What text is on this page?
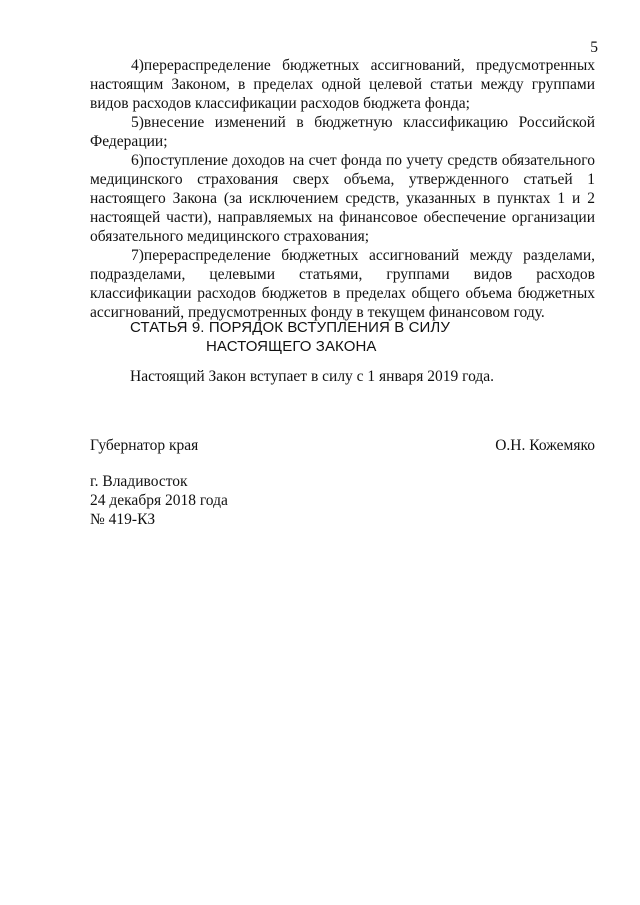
5

4)перераспределение бюджетных ассигнований, предусмотренных настоящим Законом, в пределах одной целевой статьи между группами видов расходов классификации расходов бюджета фонда;

5)внесение изменений в бюджетную классификацию Российской Федерации;

6)поступление доходов на счет фонда по учету средств обязательного медицинского страхования сверх объема, утвержденного статьей 1 настоящего Закона (за исключением средств, указанных в пунктах 1 и 2 настоящей части), направляемых на финансовое обеспечение организации обязательного медицинского страхования;

7)перераспределение бюджетных ассигнований между разделами, подразделами, целевыми статьями, группами видов расходов классификации расходов бюджетов в пределах общего объема бюджетных ассигнований, предусмотренных фонду в текущем финансовом году.

СТАТЬЯ 9. ПОРЯДОК ВСТУПЛЕНИЯ В СИЛУ
НАСТОЯЩЕГО ЗАКОНА

Настоящий Закон вступает в силу с 1 января 2019 года.

Губернатор края	О.Н. Кожемяко
г. Владивосток
24 декабря 2018 года
№ 419-КЗ
